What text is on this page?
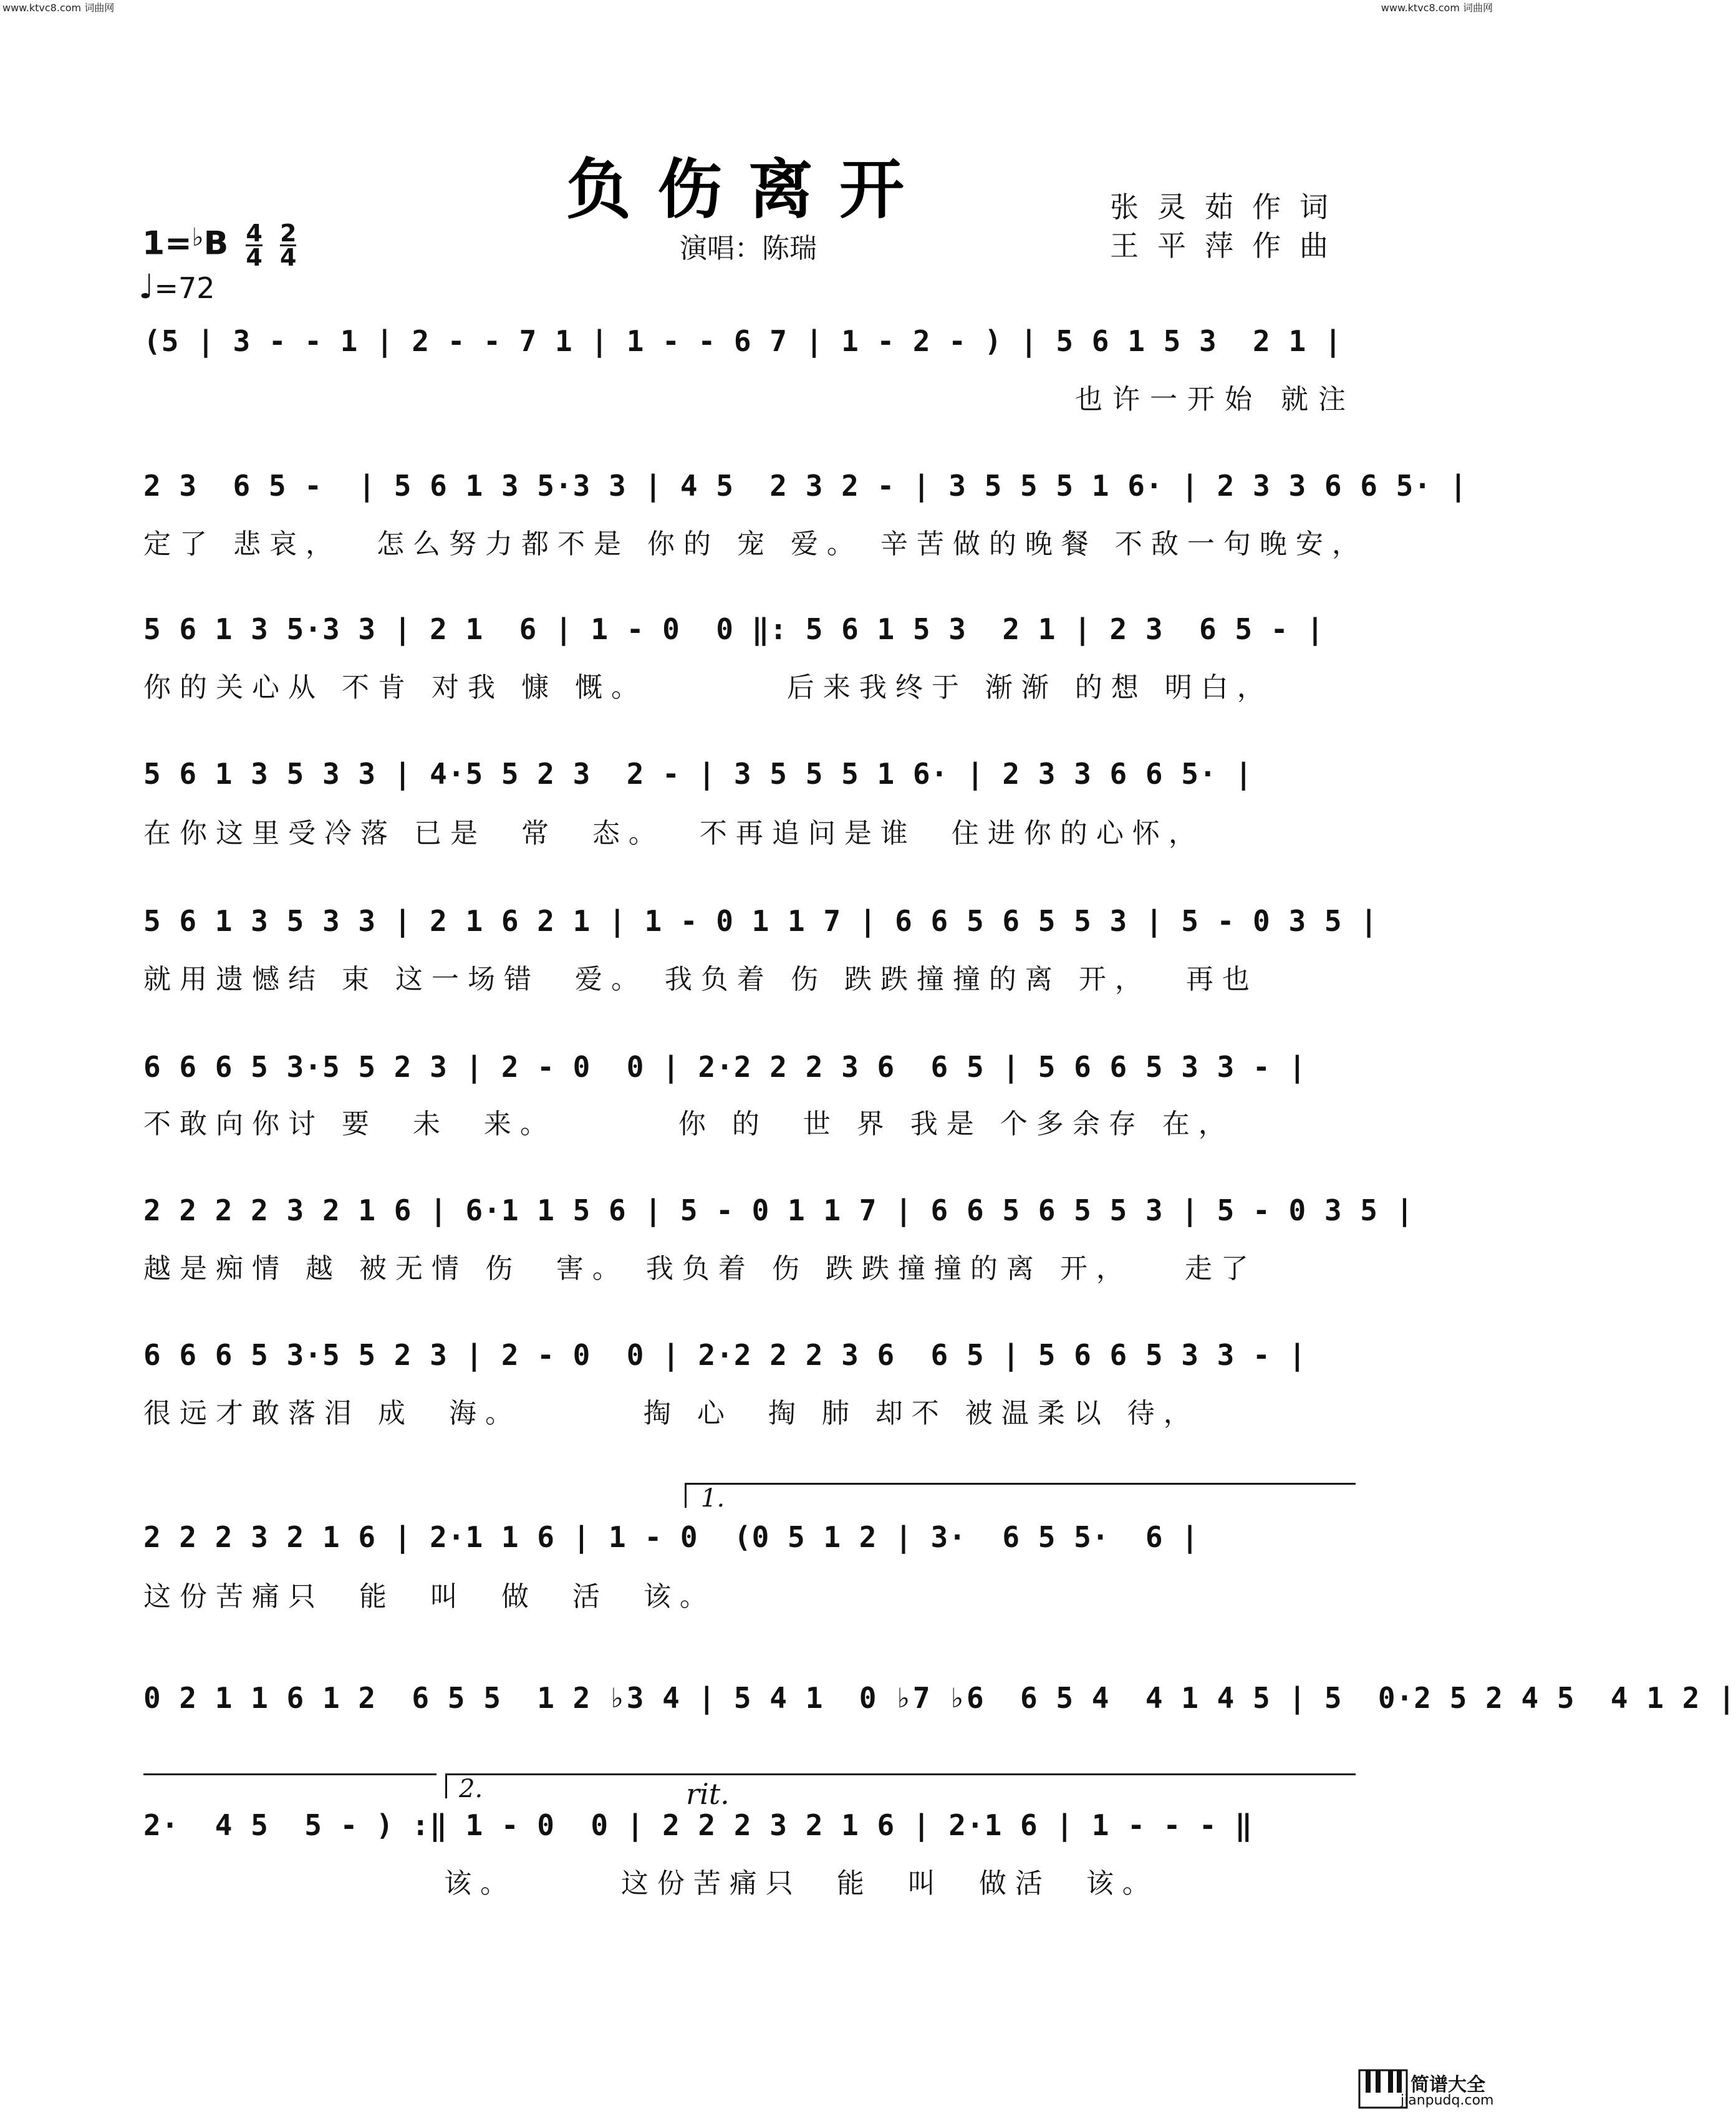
www.ktvc8.com 词曲网	www.ktvc8.com 词曲网
负伤离开
演唱：陈瑞
张灵茹作词
王平萍作曲
$1=^♭B \frac{4}{4}$
$\frac{2}{4}$
♩=72
(5 | 3 - - 1 | 2 - - 7 1 | 1 - - 6 7 | 1 - 2 - ) | 5 6 1 5 3  2 1 |
也许一开始 就注
2 3  6 5 -  | 5 6 1 3 5·3 3 | 4 5  2 3 2 - | 3 5 5 5 1 6· | 2 3 3 6 6 5· |
定了 悲哀，  怎么努力都不是 你的 宠 爱。 辛苦做的晚餐 不敌一句晚安，
5 6 1 3 5·3 3 | 2 1  6 | 1 - 0  0 ‖: 5 6 1 5 3  2 1 | 2 3  6 5 - |
你的关心从 不肯 对我 慷 慨。        后来我终于 渐渐 的想 明白，
5 6 1 3 5 3 3 | 4·5 5 2 3  2 - | 3 5 5 5 1 6· | 2 3 3 6 6 5· |
在你这里受冷落 已是  常  态。  不再追问是谁  住进你的心怀，
5 6 1 3 5 3 3 | 2 1 6 2 1 | 1 - 0 1 1 7 | 6 6 5 6 5 5 3 | 5 - 0 3 5 |
就用遗憾结 束 这一场错  爱。 我负着 伤 跌跌撞撞的离 开，  再也
6 6 6 5 3·5 5 2 3 | 2 - 0  0 | 2·2 2 2 3 6  6 5 | 5 6 6 5 3 3 - |
不敢向你讨 要  未  来。       你 的  世 界 我是 个多余存 在，
2 2 2 2 3 2 1 6 | 6·1 1 5 6 | 5 - 0 1 1 7 | 6 6 5 6 5 5 3 | 5 - 0 3 5 |
越是痴情 越 被无情 伤  害。 我负着 伤 跌跌撞撞的离 开，   走了
6 6 6 5 3·5 5 2 3 | 2 - 0  0 | 2·2 2 2 3 6  6 5 | 5 6 6 5 3 3 - |
很远才敢落泪 成  海。       掏 心  掏 肺 却不 被温柔以 待，
1.
2 2 2 3 2 1 6 | 2·1 1 6 | 1 - 0  (0 5 1 2 | 3·  6 5 5·  6 |
这份苦痛只  能  叫  做  活  该。
0 2 1 1 6 1 2  6 5 5  1 2 ♭3 4 | 5 4 1  0 ♭7 ♭6  6 5 4  4 1 4 5 | 5  0·2 5 2 4 5  4 1 2 |
2.	rit.
2·  4 5  5 - ) :‖ 1 - 0  0 | 2 2 2 3 2 1 6 | 2·1 6 | 1 - - - ‖
该。      这份苦痛只  能  叫  做活  该。
简谱大全
jianpudq.com
